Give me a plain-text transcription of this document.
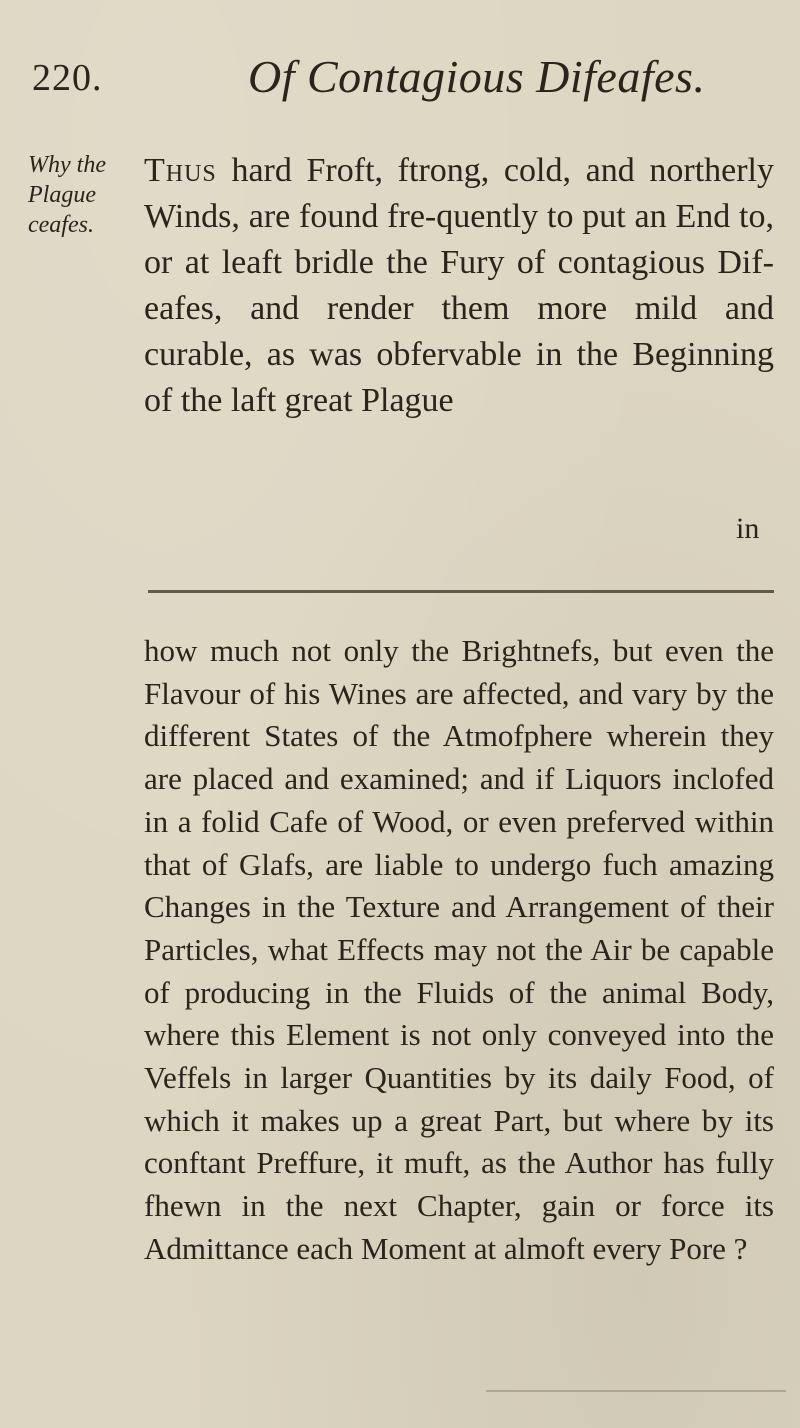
220.	Of Contagious Difeafes.
Why the
Plague
ceafes.

Thus hard Froft, ftrong, cold, and northerly Winds, are found fre-quently to put an End to, or at leaft bridle the Fury of contagious Dif-eafes, and render them more mild and curable, as was obfervable in the Beginning of the laft great Plague

in

how much not only the Brightnefs, but even the Flavour of his Wines are affected, and vary by the different States of the Atmofphere wherein they are placed and examined; and if Liquors inclofed in a folid Cafe of Wood, or even preferved within that of Glafs, are liable to undergo fuch amazing Changes in the Texture and Arrangement of their Particles, what Effects may not the Air be capable of producing in the Fluids of the animal Body, where this Element is not only conveyed into the Veffels in larger Quantities by its daily Food, of which it makes up a great Part, but where by its conftant Preffure, it muft, as the Author has fully fhewn in the next Chapter, gain or force its Admittance each Moment at almoft every Pore ?
